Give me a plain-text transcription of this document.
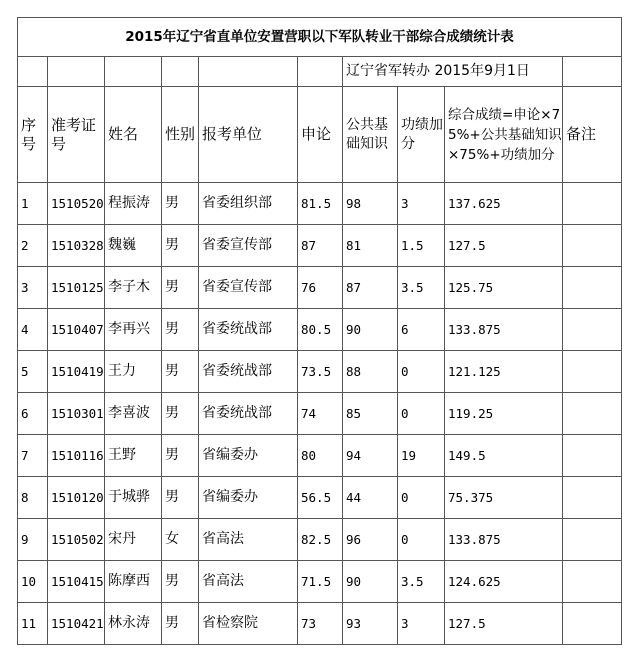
2015年辽宁省直单位安置营职以下军队转业干部综合成绩统计表									
						辽宁省军转办 2015年9月1日			
序号	准考证号	姓名	性别	报考单位	申论	公共基础知识	功绩加分	综合成绩=申论×75%+公共基础知识×75%+功绩加分	备注
1	1510520	程振涛	男	省委组织部	81.5	98	3	137.625	
2	1510328	魏巍	男	省委宣传部	87	81	1.5	127.5	
3	1510125	李子木	男	省委宣传部	76	87	3.5	125.75	
4	1510407	李再兴	男	省委统战部	80.5	90	6	133.875	
5	1510419	王力	男	省委统战部	73.5	88	0	121.125	
6	1510301	李喜波	男	省委统战部	74	85	0	119.25	
7	1510116	王野	男	省编委办	80	94	19	149.5	
8	1510120	于城骅	男	省编委办	56.5	44	0	75.375	
9	1510502	宋丹	女	省高法	82.5	96	0	133.875	
10	1510415	陈摩西	男	省高法	71.5	90	3.5	124.625	
11	1510421	林永涛	男	省检察院	73	93	3	127.5	
